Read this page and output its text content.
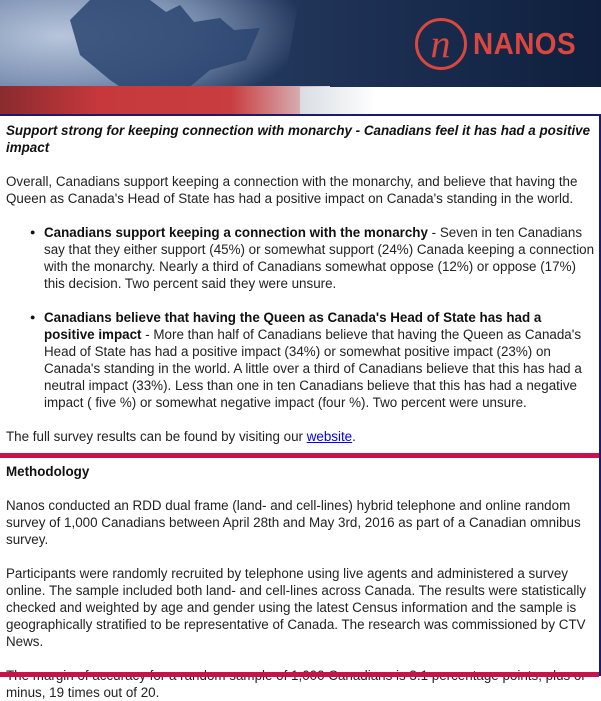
n NANOS
Support strong for keeping connection with monarchy - Canadians feel it has had a positive impact

Overall, Canadians support keeping a connection with the monarchy, and believe that having the Queen as Canada's Head of State has had a positive impact on Canada's standing in the world.

● Canadians support keeping a connection with the monarchy - Seven in ten Canadians say that they either support (45%) or somewhat support (24%) Canada keeping a connection with the monarchy. Nearly a third of Canadians somewhat oppose (12%) or oppose (17%) this decision. Two percent said they were unsure.
● Canadians believe that having the Queen as Canada's Head of State has had a positive impact - More than half of Canadians believe that having the Queen as Canada's Head of State has had a positive impact (34%) or somewhat positive impact (23%) on Canada's standing in the world. A little over a third of Canadians believe that this has had a neutral impact (33%). Less than one in ten Canadians believe that this has had a negative impact ( five %) or somewhat negative impact (four %). Two percent were unsure.

The full survey results can be found by visiting our website.

Methodology

Nanos conducted an RDD dual frame (land- and cell-lines) hybrid telephone and online random survey of 1,000 Canadians between April 28th and May 3rd, 2016 as part of a Canadian omnibus survey.

Participants were randomly recruited by telephone using live agents and administered a survey online. The sample included both land- and cell-lines across Canada. The results were statistically checked and weighted by age and gender using the latest Census information and the sample is geographically stratified to be representative of Canada. The research was commissioned by CTV News.

minus, 19 times out of 20.
